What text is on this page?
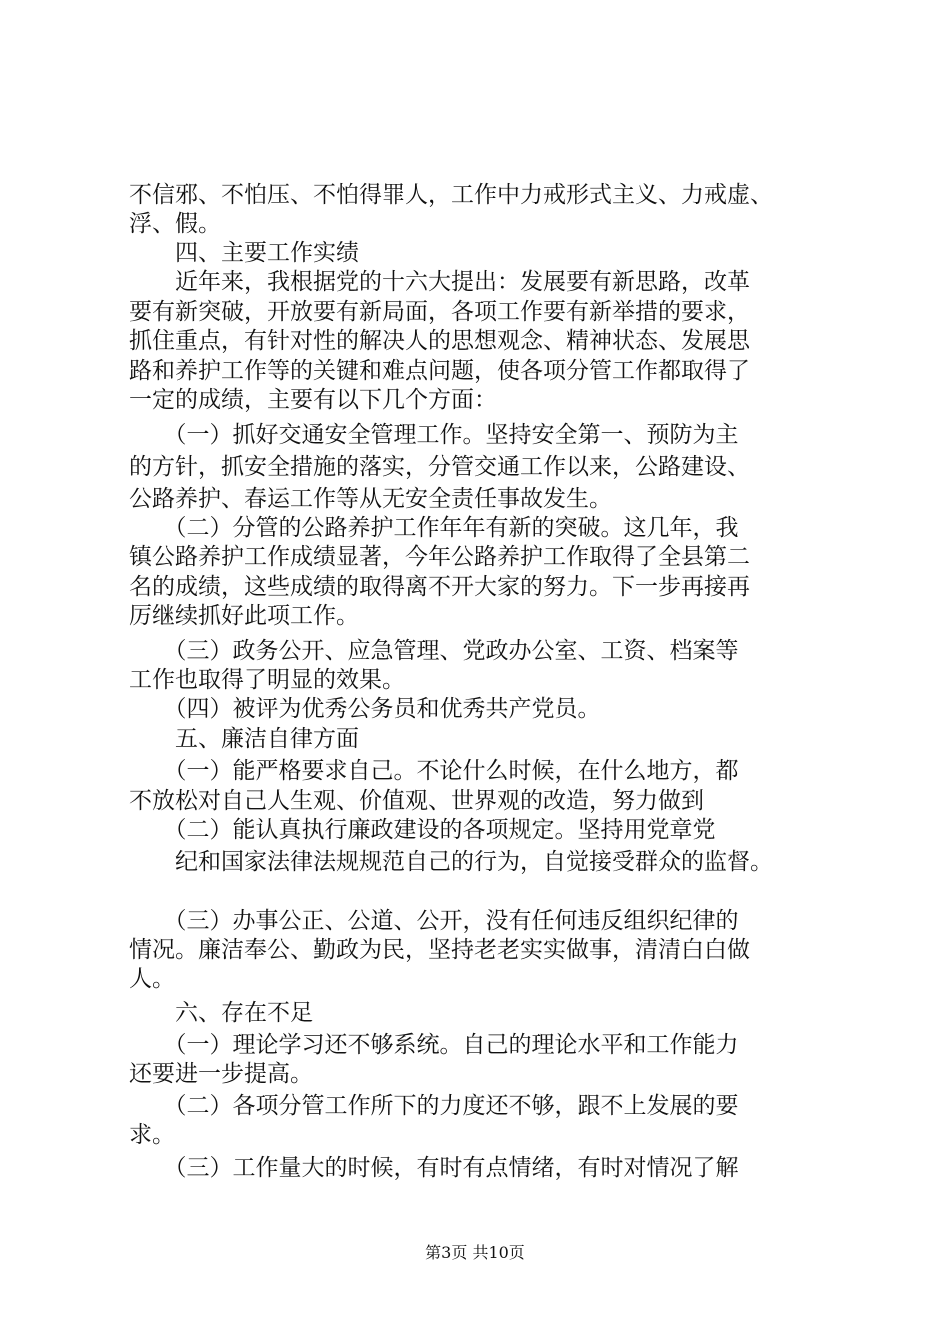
不信邪、不怕压、不怕得罪人，工作中力戒形式主义、力戒虚、
浮、假。
　　四、主要工作实绩
　　近年来，我根据党的十六大提出：发展要有新思路，改革
要有新突破，开放要有新局面，各项工作要有新举措的要求，
抓住重点，有针对性的解决人的思想观念、精神状态、发展思
路和养护工作等的关键和难点问题，使各项分管工作都取得了
一定的成绩，主要有以下几个方面：
　　（一）抓好交通安全管理工作。坚持安全第一、预防为主
的方针，抓安全措施的落实，分管交通工作以来，公路建设、
公路养护、春运工作等从无安全责任事故发生。
　　（二）分管的公路养护工作年年有新的突破。这几年，我
镇公路养护工作成绩显著，今年公路养护工作取得了全县第二
名的成绩，这些成绩的取得离不开大家的努力。下一步再接再
厉继续抓好此项工作。
　　（三）政务公开、应急管理、党政办公室、工资、档案等
工作也取得了明显的效果。
　　（四）被评为优秀公务员和优秀共产党员。
　　五、廉洁自律方面
　　（一）能严格要求自己。不论什么时候，在什么地方，都
不放松对自己人生观、价值观、世界观的改造，努力做到
　　（二）能认真执行廉政建设的各项规定。坚持用党章党
　　纪和国家法律法规规范自己的行为，自觉接受群众的监督。
　　（三）办事公正、公道、公开，没有任何违反组织纪律的
情况。廉洁奉公、勤政为民，坚持老老实实做事，清清白白做
人。
　　六、存在不足
　　（一）理论学习还不够系统。自己的理论水平和工作能力
还要进一步提高。
　　（二）各项分管工作所下的力度还不够，跟不上发展的要
求。
　　（三）工作量大的时候，有时有点情绪，有时对情况了解
第3页 共10页
